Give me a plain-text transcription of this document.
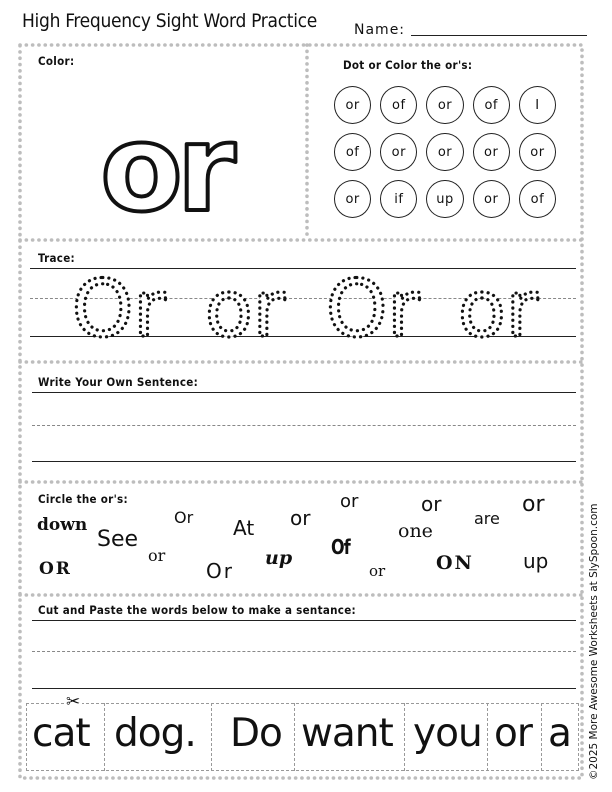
High Frequency Sight Word Practice	Name:
Color:
or
Dot or Color the or's:
or	of	or	of	I
of	or	or	or	or
or	if	up	or	of
Trace:
Or or Or or
Write Your Own Sentence:
Circle the or's:
down
See
Or At or
or	or
are
or
one
or
Or
up Of
or	ON up
OR
Cut and Paste the words below to make a sentance:
✂
cat dog. Do want you or a ©2025 More Awesome Worksheets at SlySpoon.com
